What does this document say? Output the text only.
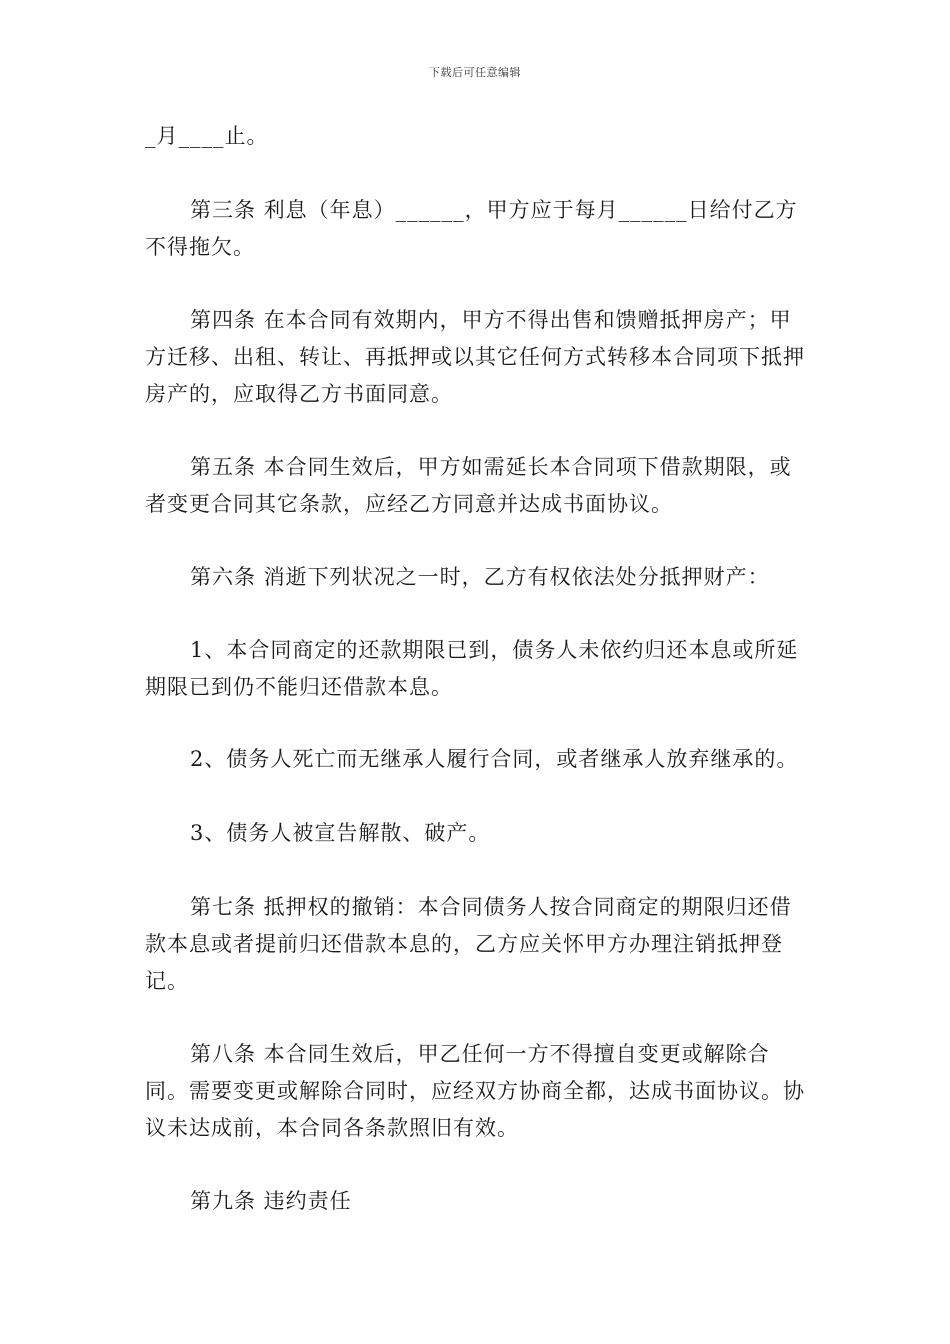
下载后可任意编辑

_月____止。

第三条 利息（年息）______，甲方应于每月______日给付乙方不得拖欠。

第四条 在本合同有效期内，甲方不得出售和馈赠抵押房产；甲方迁移、出租、转让、再抵押或以其它任何方式转移本合同项下抵押房产的，应取得乙方书面同意。

第五条 本合同生效后，甲方如需延长本合同项下借款期限，或者变更合同其它条款，应经乙方同意并达成书面协议。

第六条 消逝下列状况之一时，乙方有权依法处分抵押财产：

1、本合同商定的还款期限已到，债务人未依约归还本息或所延期限已到仍不能归还借款本息。

2、债务人死亡而无继承人履行合同，或者继承人放弃继承的。

3、债务人被宣告解散、破产。

第七条 抵押权的撤销：本合同债务人按合同商定的期限归还借款本息或者提前归还借款本息的，乙方应关怀甲方办理注销抵押登记。

第八条 本合同生效后，甲乙任何一方不得擅自变更或解除合同。需要变更或解除合同时，应经双方协商全都，达成书面协议。协议未达成前，本合同各条款照旧有效。

第九条 违约责任
